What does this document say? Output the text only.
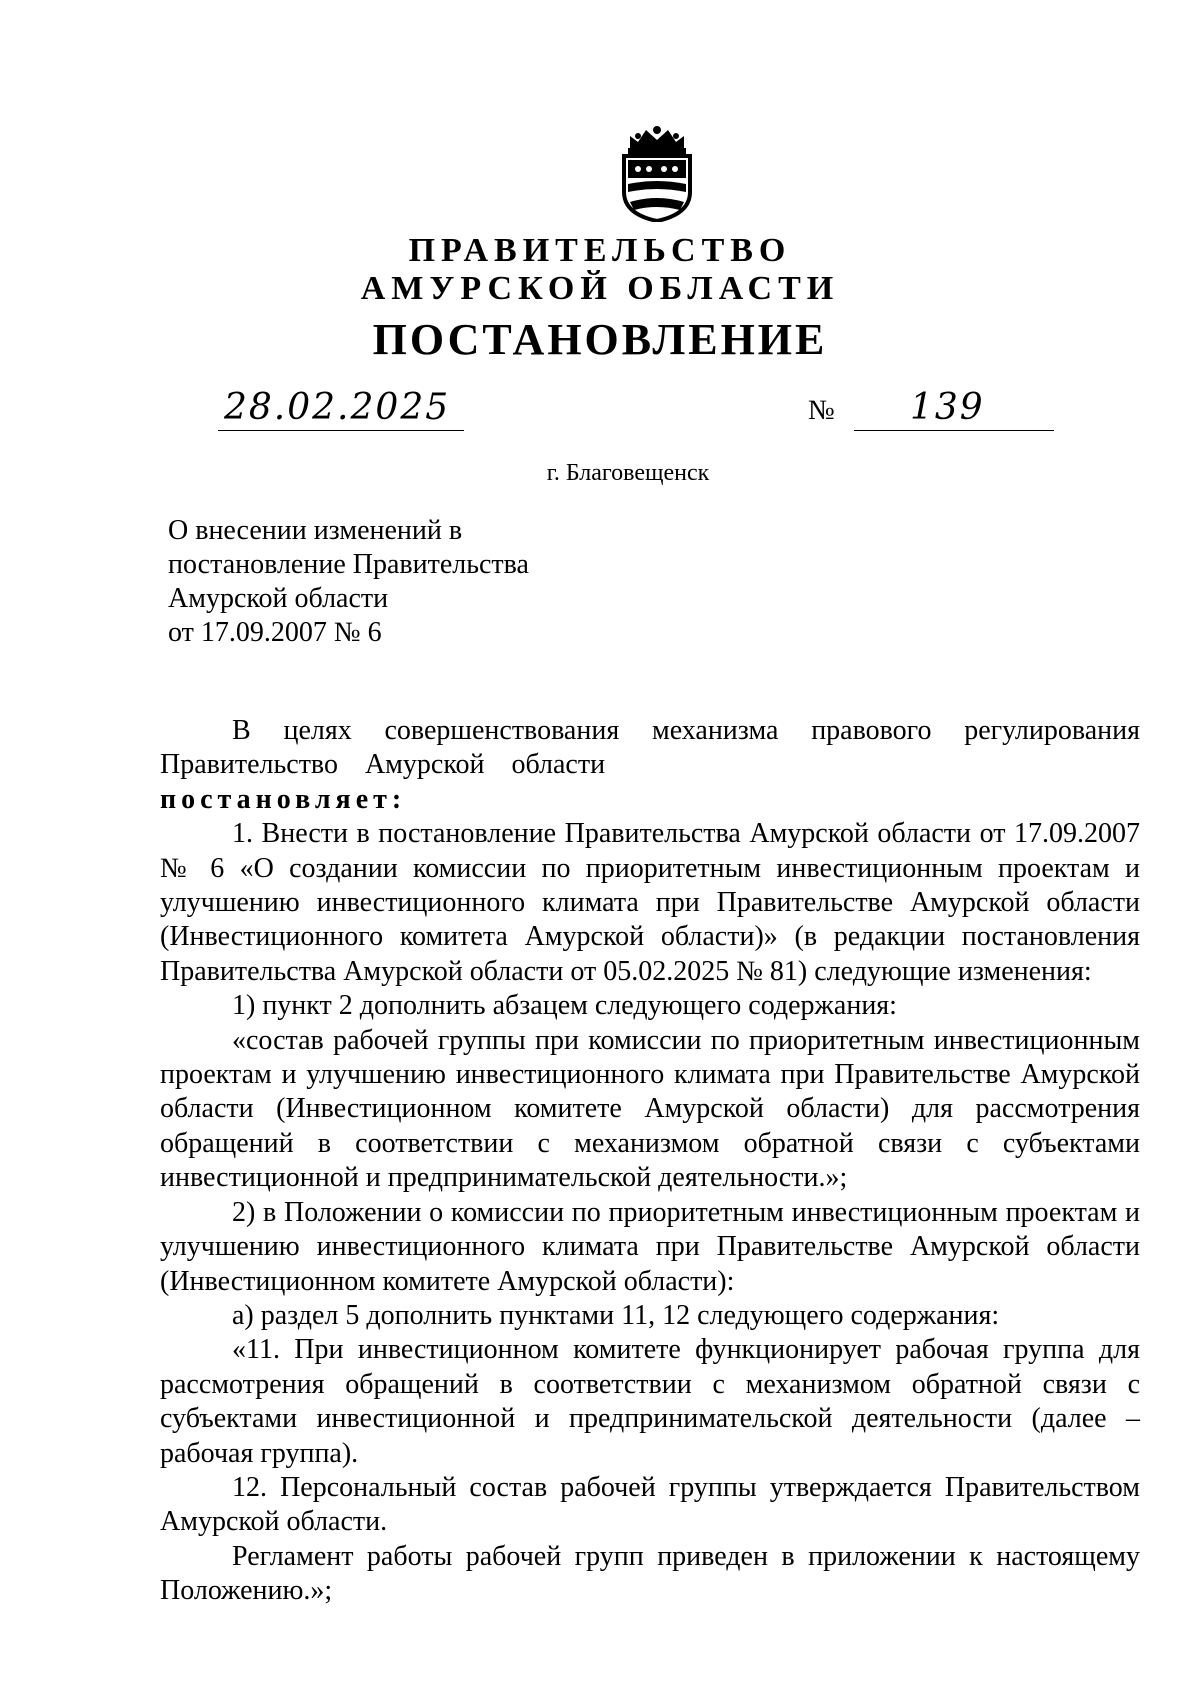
ПРАВИТЕЛЬСТВО
АМУРСКОЙ ОБЛАСТИ
ПОСТАНОВЛЕНИЕ
28.02.2025	№ 139
г. Благовещенск
О внесении изменений в
постановление Правительства
Амурской области
от 17.09.2007 № 6

В целях совершенствования механизма правового регулирования Правительство Амурской области

постановляет:

1. Внести в постановление Правительства Амурской области от 17.09.2007 № 6 «О создании комиссии по приоритетным инвестиционным проектам и улучшению инвестиционного климата при Правительстве Амурской области (Инвестиционного комитета Амурской области)» (в редакции постановления Правительства Амурской области от 05.02.2025 № 81) следующие изменения:

1) пункт 2 дополнить абзацем следующего содержания:

«состав рабочей группы при комиссии по приоритетным инвестиционным проектам и улучшению инвестиционного климата при Правительстве Амурской области (Инвестиционном комитете Амурской области) для рассмотрения обращений в соответствии с механизмом обратной связи с субъектами инвестиционной и предпринимательской деятельности.»;

2) в Положении о комиссии по приоритетным инвестиционным проектам и улучшению инвестиционного климата при Правительстве Амурской области (Инвестиционном комитете Амурской области):

а) раздел 5 дополнить пунктами 11, 12 следующего содержания:

«11. При инвестиционном комитете функционирует рабочая группа для рассмотрения обращений в соответствии с механизмом обратной связи с субъектами инвестиционной и предпринимательской деятельности (далее – рабочая группа).

12. Персональный состав рабочей группы утверждается Правительством Амурской области.

Регламент работы рабочей групп приведен в приложении к настоящему Положению.»;
